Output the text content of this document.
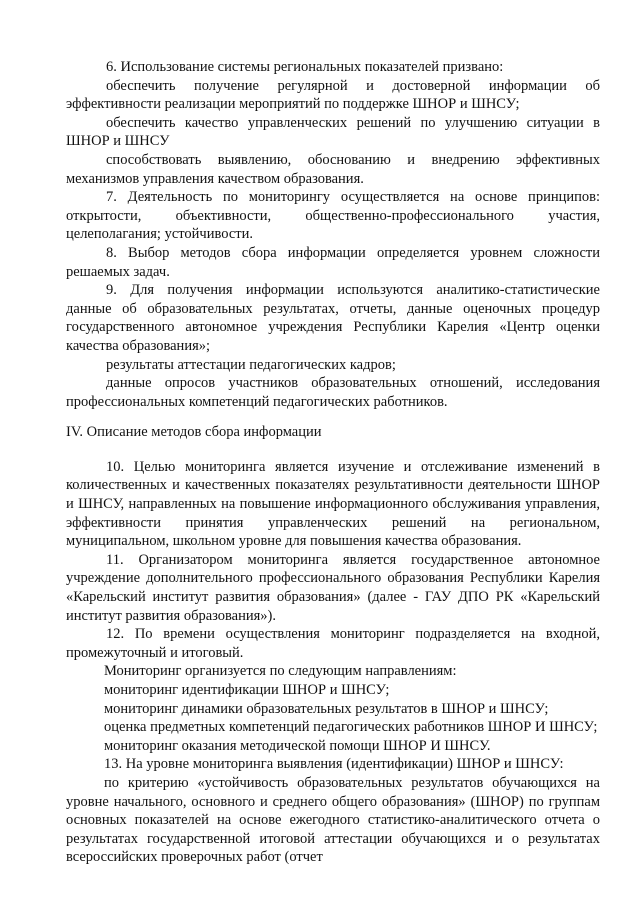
6. Использование системы региональных показателей призвано:

обеспечить получение регулярной и достоверной информации об эффективности реализации мероприятий по поддержке ШНОР и ШНСУ;

обеспечить качество управленческих решений по улучшению ситуации в ШНОР и ШНСУ

способствовать выявлению, обоснованию и внедрению эффективных механизмов управления качеством образования.

7. Деятельность по мониторингу осуществляется на основе принципов: открытости, объективности, общественно-профессионального участия, целеполагания; устойчивости.

8. Выбор методов сбора информации определяется уровнем сложности решаемых задач.

9. Для получения информации используются аналитико-статистические данные об образовательных результатах, отчеты, данные оценочных процедур государственного автономное учреждения Республики Карелия «Центр оценки качества образования»;

результаты аттестации педагогических кадров;

данные опросов участников образовательных отношений, исследования профессиональных компетенций педагогических работников.

IV. Описание методов сбора информации

10. Целью мониторинга является изучение и отслеживание изменений в количественных и качественных показателях результативности деятельности ШНОР и ШНСУ, направленных на повышение информационного обслуживания управления, эффективности принятия управленческих решений на региональном, муниципальном, школьном уровне для повышения качества образования.

11. Организатором мониторинга является государственное автономное учреждение дополнительного профессионального образования Республики Карелия «Карельский институт развития образования» (далее - ГАУ ДПО РК «Карельский институт развития образования»).

12. По времени осуществления мониторинг подразделяется на входной, промежуточный и итоговый.

Мониторинг организуется по следующим направлениям:

мониторинг идентификации ШНОР и ШНСУ;

мониторинг динамики образовательных результатов в ШНОР и ШНСУ;

оценка предметных компетенций педагогических работников ШНОР И ШНСУ;

мониторинг оказания методической помощи ШНОР И ШНСУ.

13. На уровне мониторинга выявления (идентификации) ШНОР и ШНСУ:

по критерию «устойчивость образовательных результатов обучающихся на уровне начального, основного и среднего общего образования» (ШНОР) по группам основных показателей на основе ежегодного статистико-аналитического отчета о результатах государственной итоговой аттестации обучающихся и о результатах всероссийских проверочных работ (отчет
